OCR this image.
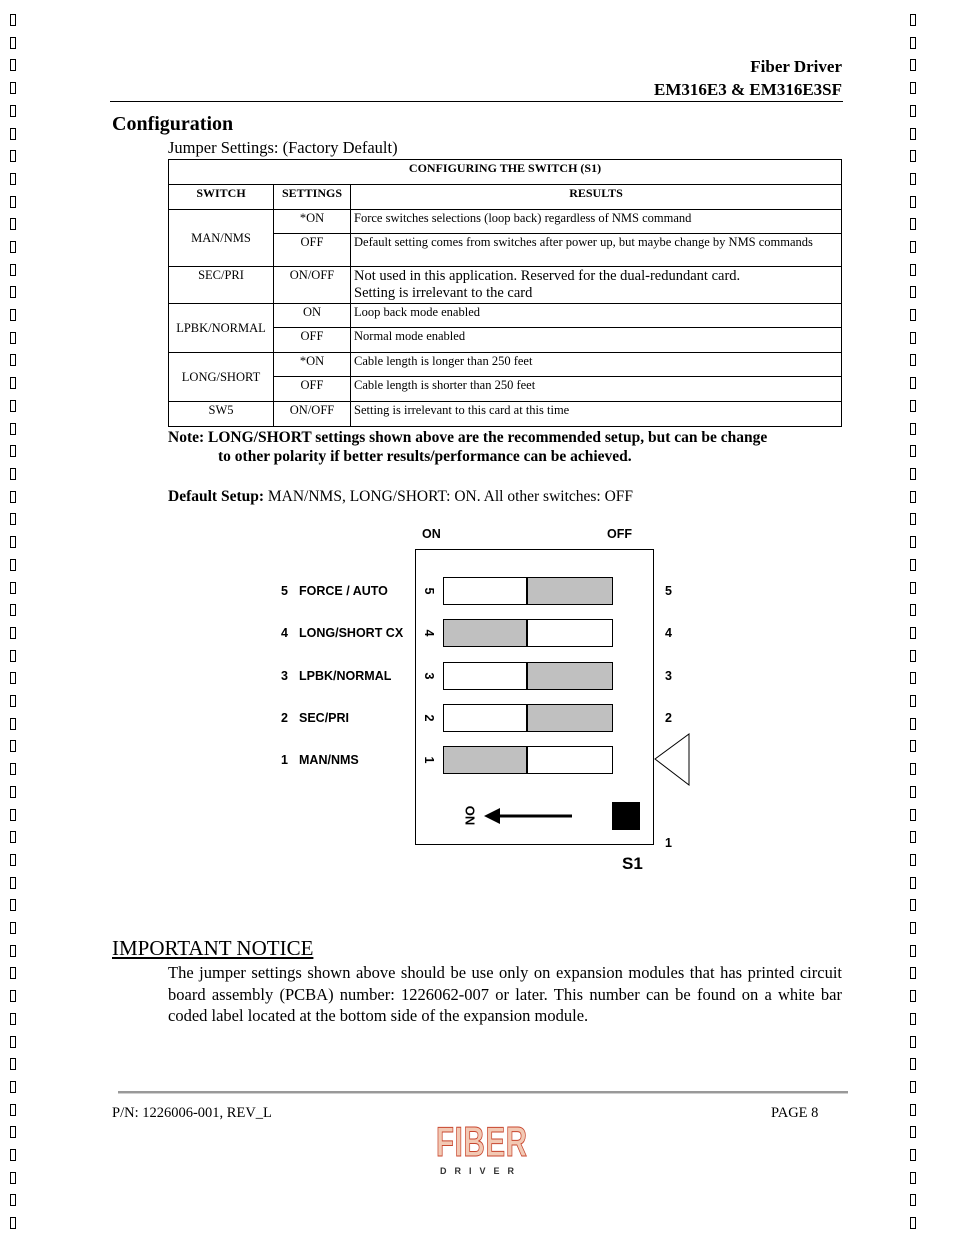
Fiber Driver
EM316E3 & EM316E3SF
Configuration
Jumper Settings: (Factory Default)
CONFIGURING THE SWITCH (S1)		
SWITCH	SETTINGS	RESULTS
MAN/NMS	*ON	Force switches selections (loop back) regardless of NMS command
	OFF	Default setting comes from switches after power up, but maybe change by NMS commands
SEC/PRI	ON/OFF	Not used in this application. Reserved for the dual-redundant card.
Setting is irrelevant to the card

LPBK/NORMAL	ON	Loop back mode enabled
	OFF	Normal mode enabled
LONG/SHORT	*ON	Cable length is longer than 250 feet
	OFF	Cable length is shorter than 250 feet
SW5	ON/OFF	Setting is irrelevant to this card at this time
Note: LONG/SHORT settings shown above are the recommended setup, but can be change
to other polarity if better results/performance can be achieved.
Default Setup: MAN/NMS, LONG/SHORT: ON. All other switches: OFF
ON	OFF
5 FORCE / AUTO	5	5
4 LONG/SHORT CX 4	4
3 LPBK/NORMAL 3	3
2 SEC/PRI	2	2
1 MAN/NMS	1
ON
1
S1
IMPORTANT NOTICE
The jumper settings shown above should be use only on expansion modules that has printed circuit board assembly (PCBA) number: 1226062-007 or later. This number can be found on a white bar coded label located at the bottom side of the expansion module.
P/N: 1226006-001, REV_L	PAGE 8
FIBER
DRIVER
